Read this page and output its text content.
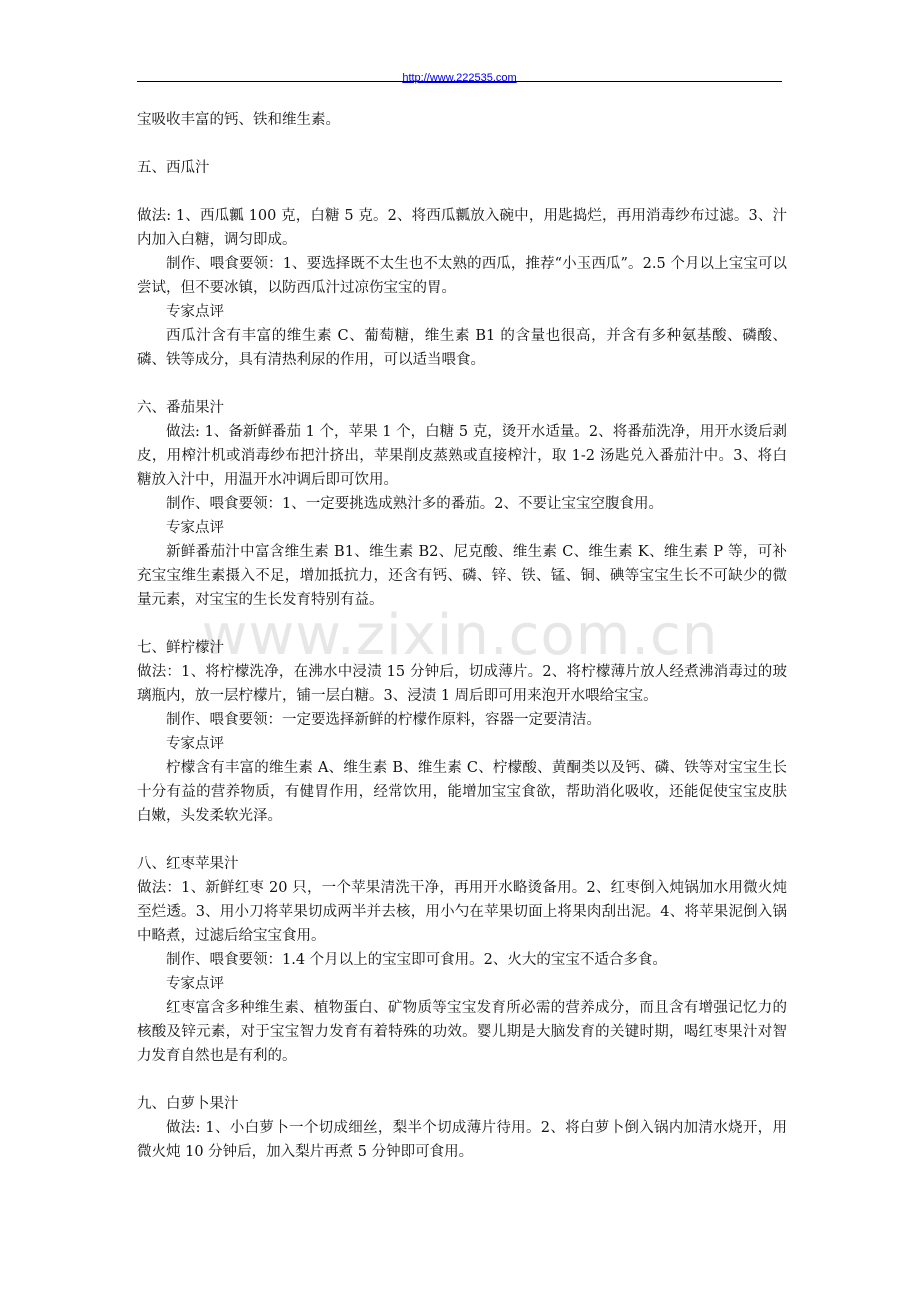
http://www.222535.com
www.zixin.com.cn

宝吸收丰富的钙、铁和维生素。

五、西瓜汁

做法: 1、西瓜瓤 100 克，白糖 5 克。2、将西瓜瓤放入碗中，用匙捣烂，再用消毒纱布过滤。3、汁内加入白糖，调匀即成。

制作、喂食要领：1、要选择既不太生也不太熟的西瓜，推荐“小玉西瓜”。2.5 个月以上宝宝可以尝试，但不要冰镇，以防西瓜汁过凉伤宝宝的胃。

专家点评

西瓜汁含有丰富的维生素 C、葡萄糖，维生素 B1 的含量也很高，并含有多种氨基酸、磷酸、磷、铁等成分，具有清热利尿的作用，可以适当喂食。

六、番茄果汁

做法: 1、备新鲜番茄 1 个，苹果 1 个，白糖 5 克，烫开水适量。2、将番茄洗净，用开水烫后剥皮，用榨汁机或消毒纱布把汁挤出，苹果削皮蒸熟或直接榨汁，取 1-2 汤匙兑入番茄汁中。3、将白糖放入汁中，用温开水冲调后即可饮用。

制作、喂食要领：1、一定要挑选成熟汁多的番茄。2、不要让宝宝空腹食用。

专家点评

新鲜番茄汁中富含维生素 B1、维生素 B2、尼克酸、维生素 C、维生素 K、维生素 P 等，可补充宝宝维生素摄入不足，增加抵抗力，还含有钙、磷、锌、铁、锰、铜、碘等宝宝生长不可缺少的微量元素，对宝宝的生长发育特别有益。

七、鲜柠檬汁

做法：1、将柠檬洗净，在沸水中浸渍 15 分钟后，切成薄片。2、将柠檬薄片放人经煮沸消毒过的玻璃瓶内，放一层柠檬片，铺一层白糖。3、浸渍 1 周后即可用来泡开水喂给宝宝。

制作、喂食要领：一定要选择新鲜的柠檬作原料，容器一定要清洁。

专家点评

柠檬含有丰富的维生素 A、维生素 B、维生素 C、柠檬酸、黄酮类以及钙、磷、铁等对宝宝生长十分有益的营养物质，有健胃作用，经常饮用，能增加宝宝食欲，帮助消化吸收，还能促使宝宝皮肤白嫩，头发柔软光泽。

八、红枣苹果汁

做法：1、新鲜红枣 20 只，一个苹果清洗干净，再用开水略烫备用。2、红枣倒入炖锅加水用微火炖至烂透。3、用小刀将苹果切成两半并去核，用小勺在苹果切面上将果肉刮出泥。4、将苹果泥倒入锅中略煮，过滤后给宝宝食用。

制作、喂食要领：1.4 个月以上的宝宝即可食用。2、火大的宝宝不适合多食。

专家点评

红枣富含多种维生素、植物蛋白、矿物质等宝宝发育所必需的营养成分，而且含有增强记忆力的核酸及锌元素，对于宝宝智力发育有着特殊的功效。婴儿期是大脑发育的关键时期，喝红枣果汁对智力发育自然也是有利的。

九、白萝卜果汁

做法: 1、小白萝卜一个切成细丝，梨半个切成薄片待用。2、将白萝卜倒入锅内加清水烧开，用微火炖 10 分钟后，加入梨片再煮 5 分钟即可食用。
